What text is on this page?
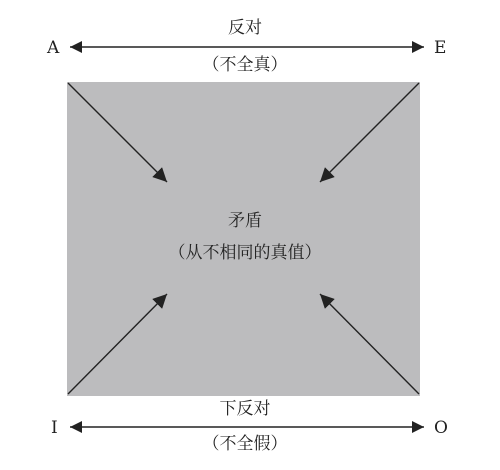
A	E
I	O
反对
（不全真）
下反对
（不全假）
矛盾
（从不相同的真值）
